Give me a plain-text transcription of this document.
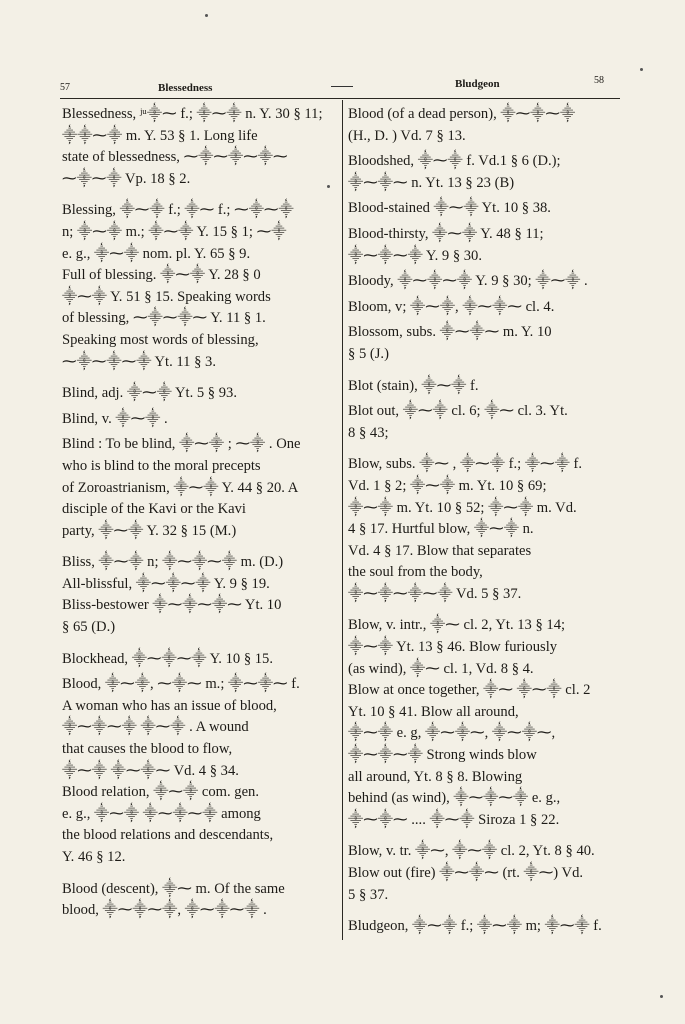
57	Blessedness	Bludgeon	58
Blessedness, ʲᵘ⸎⁓ f.; ⸎⁓⸎ n. Y. 30 § 11;
⸎⸎⁓⸎ m. Y. 53 § 1. Long life
state of blessedness, ⁓⸎⁓⸎⁓⸎⁓
⁓⸎⁓⸎ Vp. 18 § 2.
Blessing, ⸎⁓⸎ f.; ⸎⁓ f.; ⁓⸎⁓⸎
n; ⸎⁓⸎ m.; ⸎⁓⸎ Y. 15 § 1; ⁓⸎
e. g., ⸎⁓⸎ nom. pl. Y. 65 § 9.
Full of blessing. ⸎⁓⸎ Y. 28 § 0
⸎⁓⸎ Y. 51 § 15. Speaking words
of blessing, ⁓⸎⁓⸎⁓ Y. 11 § 1.
Speaking most words of blessing,
⁓⸎⁓⸎⁓⸎ Yt. 11 § 3.
Blind, adj. ⸎⁓⸎ Yt. 5 § 93.
Blind, v. ⸎⁓⸎ .
Blind : To be blind, ⸎⁓⸎ ; ⁓⸎ . One
who is blind to the moral precepts
of Zoroastrianism, ⸎⁓⸎ Y. 44 § 20. A
disciple of the Kavi or the Kavi
party, ⸎⁓⸎ Y. 32 § 15 (M.)
Bliss, ⸎⁓⸎ n; ⸎⁓⸎⁓⸎ m. (D.)
All-blissful, ⸎⁓⸎⁓⸎ Y. 9 § 19.
Bliss-bestower ⸎⁓⸎⁓⸎⁓ Yt. 10
§ 65 (D.)
Blockhead, ⸎⁓⸎⁓⸎ Y. 10 § 15.
Blood, ⸎⁓⸎, ⁓⸎⁓ m.; ⸎⁓⸎⁓ f.
A woman who has an issue of blood,
⸎⁓⸎⁓⸎ ⸎⁓⸎ . A wound
that causes the blood to flow,
⸎⁓⸎ ⸎⁓⸎⁓ Vd. 4 § 34.
Blood relation, ⸎⁓⸎ com. gen.
e. g., ⸎⁓⸎ ⸎⁓⸎⁓⸎ among
the blood relations and descendants,
Y. 46 § 12.
Blood (descent), ⸎⁓ m. Of the same
blood, ⸎⁓⸎⁓⸎, ⸎⁓⸎⁓⸎ .
Blood (of a dead person), ⸎⁓⸎⁓⸎
(H., D. ) Vd. 7 § 13.
Bloodshed, ⸎⁓⸎ f. Vd.1 § 6 (D.);
⸎⁓⸎⁓ n. Yt. 13 § 23 (B)
Blood-stained ⸎⁓⸎ Yt. 10 § 38.
Blood-thirsty, ⸎⁓⸎ Y. 48 § 11;
⸎⁓⸎⁓⸎ Y. 9 § 30.
Bloody, ⸎⁓⸎⁓⸎ Y. 9 § 30; ⸎⁓⸎ .
Bloom, v; ⸎⁓⸎, ⸎⁓⸎⁓ cl. 4.
Blossom, subs. ⸎⁓⸎⁓ m. Y. 10
§ 5 (J.)
Blot (stain), ⸎⁓⸎ f.
Blot out, ⸎⁓⸎ cl. 6; ⸎⁓ cl. 3. Yt.
8 § 43;
Blow, subs. ⸎⁓ , ⸎⁓⸎ f.; ⸎⁓⸎ f.
Vd. 1 § 2; ⸎⁓⸎ m. Yt. 10 § 69;
⸎⁓⸎ m. Yt. 10 § 52; ⸎⁓⸎ m. Vd.
4 § 17. Hurtful blow, ⸎⁓⸎ n.
Vd. 4 § 17. Blow that separates
the soul from the body,
⸎⁓⸎⁓⸎⁓⸎ Vd. 5 § 37.
Blow, v. intr., ⸎⁓ cl. 2, Yt. 13 § 14;
⸎⁓⸎ Yt. 13 § 46. Blow furiously
(as wind), ⸎⁓ cl. 1, Vd. 8 § 4.
Blow at once together, ⸎⁓ ⸎⁓⸎ cl. 2
Yt. 10 § 41. Blow all around,
⸎⁓⸎ e. g, ⸎⁓⸎⁓, ⸎⁓⸎⁓,
⸎⁓⸎⁓⸎ Strong winds blow
all around, Yt. 8 § 8. Blowing
behind (as wind), ⸎⁓⸎⁓⸎ e. g.,
⸎⁓⸎⁓ .... ⸎⁓⸎ Siroza 1 § 22.
Blow, v. tr. ⸎⁓, ⸎⁓⸎ cl. 2, Yt. 8 § 40.
Blow out (fire) ⸎⁓⸎⁓ (rt. ⸎⁓) Vd.
5 § 37.
Bludgeon, ⸎⁓⸎ f.; ⸎⁓⸎ m; ⸎⁓⸎ f.
